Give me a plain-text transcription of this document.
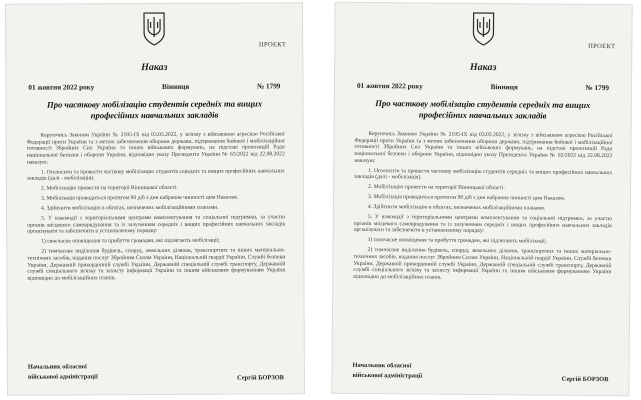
ПРОЕКТ
Наказ
01 жовтня 2022 року	Вінниця	№ 1799
Про часткову мобілізацію студентів середніх та вищих професійних навчальних закладів

Керуючись Законом України № 2105-IX від 03.03.2022, у зв'язку з військовою агресією Російської Федерації проти України та з метою забезпечення оборони держави, підтримання бойової і мобілізаційної готовності Збройних Сил України та інших військових формувань, на підставі пропозицій Ради національної безпеки і оборони України, відповідно указу Президента України № 65/2022 від 22.08.2022 наказую:

1. Оголосити та провести часткову мобілізацію студентів середніх та вищих професійних навчальних закладів (далі - мобілізація).

2. Мобілізацію провести на території Вінницької області.

3. Мобілізація проводиться протягом 90 діб з дня набрання чинності цим Наказом.

4. Здійснити мобілізацію в обсягах, визначених мобілізаційними планами.

5. У взаємодії з територіальними центрами комплектування та соціальної підтримки, за участю органів місцевого самоврядування та із залученням середніх і вищих професійних навчальних закладів організувати та забезпечити в установленому порядку:

1) своєчасне оповіщення та прибуття громадян, які підлягають мобілізації;

2) тимчасове виділення будівель, споруд, земельних ділянок, транспортних та інших матеріально-технічних засобів, надання послуг Збройним Силам України, Національній гвардії України, Службі безпеки України, Державній прикордонній службі України, Державній спеціальній службі транспорту, Державній службі спеціального зв'язку та захисту інформації України та іншим військовим формуванням України відповідно до мобілізаційних планів.

Начальник обласної
військової адміністрації	Сергій БОРЗОВ
ПРОЕКТ
Наказ
01 жовтня 2022 року	Вінниця	№ 1799
Про часткову мобілізацію студентів середніх та вищих професійних навчальних закладів

Керуючись Законом України № 2105-IX від 03.03.2022, у зв'язку з військовою агресією Російської Федерації проти України та з метою забезпечення оборони держави, підтримання бойової і мобілізаційної готовності Збройних Сил України та інших військових формувань, на підставі пропозицій Ради національної безпеки і оборони України, відповідно указу Президента України № 65/2022 від 22.08.2022 наказую:

1. Оголосити та провести часткову мобілізацію студентів середніх та вищих професійних навчальних закладів (далі - мобілізація).

2. Мобілізацію провести на території Вінницької області.

3. Мобілізація проводиться протягом 90 діб з дня набрання чинності цим Наказом.

4. Здійснити мобілізацію в обсягах, визначених мобілізаційними планами.

5. У взаємодії з територіальними центрами комплектування та соціальної підтримки, за участю органів місцевого самоврядування та із залученням середніх і вищих професійних навчальних закладів організувати та забезпечити в установленому порядку:

1) своєчасне оповіщення та прибуття громадян, які підлягають мобілізації;

2) тимчасове виділення будівель, споруд, земельних ділянок, транспортних та інших матеріально-технічних засобів, надання послуг Збройним Силам України, Національній гвардії України, Службі безпеки України, Державній прикордонній службі України, Державній спеціальній службі транспорту, Державній службі спеціального зв'язку та захисту інформації України та іншим військовим формуванням України відповідно до мобілізаційних планів.

Начальник обласної
військової адміністрації	Сергій БОРЗОВ
